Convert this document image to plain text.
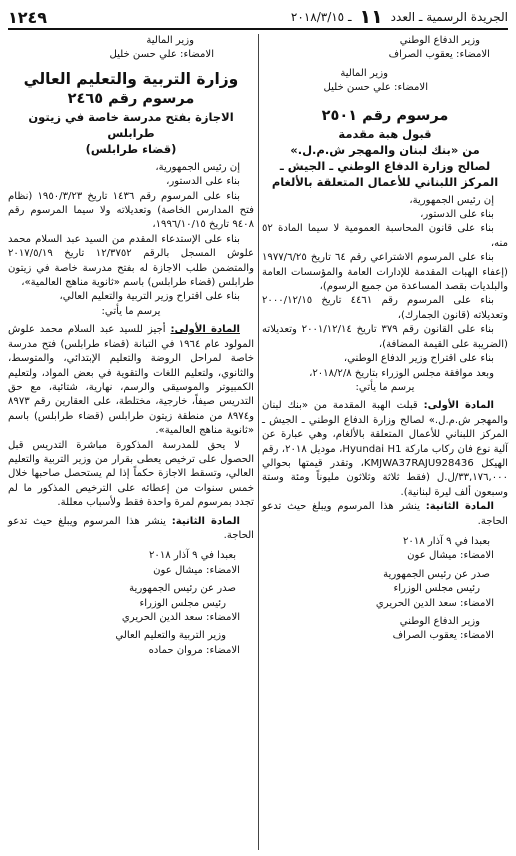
الجريدة الرسمية ـ العدد
١١
ـ ٢٠١٨/٣/١٥
١٢٤٩

وزير الدفاع الوطني

الامضاء: يعقوب الصراف

وزير المالية

الامضاء: علي حسن خليل

مرسوم رقم ٢٥٠١

قبول هبة مقدمة

من «بنك لبنان والمهجر ش.م.ل.»

لصالح وزارة الدفاع الوطني ـ الجيش ـ

المركز اللبناني للأعمال المتعلقة بالألغام

إن رئيس الجمهورية،

بناء على الدستور،

بناء على قانون المحاسبة العمومية لا سيما المادة ٥٢ منه،

بناء على المرسوم الاشتراعي رقم ٦٤ تاريخ ١٩٧٧/٦/٢٥ (إعفاء الهبات المقدمة للإدارات العامة والمؤسسات العامة والبلديات بقصد المساعدة من جميع الرسوم)،

بناء على المرسوم رقم ٤٤٦١ تاريخ ٢٠٠٠/١٢/١٥ وتعديلاته (قانون الجمارك)،

بناء على القانون رقم ٣٧٩ تاريخ ٢٠٠١/١٢/١٤ وتعديلاته (الضريبة على القيمة المضافة)،

بناء على اقتراح وزير الدفاع الوطني،

وبعد موافقة مجلس الوزراء بتاريخ ٢٠١٨/٢/٨،

يرسم ما يأتي:

المادة الأولى: قبلت الهبة المقدمة من «بنك لبنان والمهجر ش.م.ل.» لصالح وزارة الدفاع الوطني ـ الجيش ـ المركز اللبناني للأعمال المتعلقة بالألغام، وهي عبارة عن آلية نوع فان ركاب ماركة Hyundai H1، موديل ٢٠١٨، رقم الهيكل KMJWA37RAJU928436، وتقدر قيمتها بحوالي ٣٣,١٧٦,٠٠٠/ل.ل (فقط ثلاثة وثلاثون مليوناً ومئة وستة وسبعون ألف ليرة لبنانية).

المادة الثانية: ينشر هذا المرسوم ويبلغ حيث تدعو الحاجة.

بعبدا في ٩ آذار ٢٠١٨

الامضاء: ميشال عون

صدر عن رئيس الجمهورية

رئيس مجلس الوزراء

الامضاء: سعد الدين الحريري

وزير الدفاع الوطني

الامضاء: يعقوب الصراف

وزير المالية

الامضاء: علي حسن خليل

وزارة التربية والتعليم العالي

مرسوم رقم ٢٤٦٥

الاجازة بفتح مدرسة خاصة في زيتون طرابلس

(قضاء طرابلس)

إن رئيس الجمهورية،

بناء على الدستور،

بناء على المرسوم رقم ١٤٣٦ تاريخ ١٩٥٠/٣/٢٣ (نظام فتح المدارس الخاصة) وتعديلاته ولا سيما المرسوم رقم ٩٤٠٨ تاريخ ١٩٩٦/١٠/١٥،

بناء على الإستدعاء المقدم من السيد عبد السلام محمد علوش المسجل بالرقم ١٢/٣٧٥٢ تاريخ ٢٠١٧/٥/١٩ والمتضمن طلب الاجازة له بفتح مدرسة خاصة في زيتون طرابلس (قضاء طرابلس) باسم «ثانوية مناهج العالمية»،

بناء على اقتراح وزير التربية والتعليم العالي،

يرسم ما يأتي:

المادة الأولى: أجيز للسيد عبد السلام محمد علوش المولود عام ١٩٦٤ في التبانة (قضاء طرابلس) فتح مدرسة خاصة لمراحل الروضة والتعليم الإبتدائي، والمتوسط، والثانوي، ولتعليم اللغات والتقوية في بعض المواد، ولتعليم الكمبيوتر والموسيقى والرسم، نهارية، شتائية، مع حق التدريس صيفاً، خارجية، مختلطة، على العقارين رقم ٨٩٧٣ و٨٩٧٤ من منطقة زيتون طرابلس (قضاء طرابلس) باسم «ثانوية مناهج العالمية».

لا يحق للمدرسة المذكورة مباشرة التدريس قبل الحصول على ترخيص يعطى بقرار من وزير التربية والتعليم العالي، وتسقط الاجازة حكماً إذا لم يستحصل صاحبها خلال خمس سنوات من إعطائه على الترخيص المذكور ما لم تجدد بمرسوم لمرة واحدة فقط ولأسباب معللة.

المادة الثانية: ينشر هذا المرسوم ويبلغ حيث تدعو الحاجة.

بعبدا في ٩ آذار ٢٠١٨

الامضاء: ميشال عون

صدر عن رئيس الجمهورية

رئيس مجلس الوزراء

الامضاء: سعد الدين الحريري

وزير التربية والتعليم العالي

الامضاء: مروان حماده
